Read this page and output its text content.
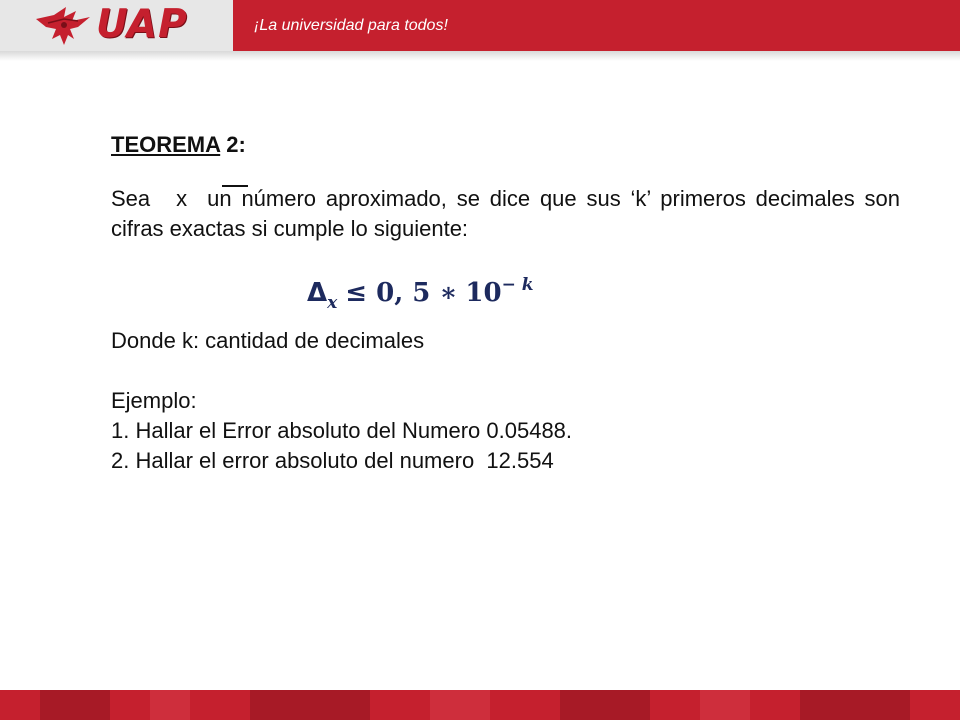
UAP	¡La universidad para todos!
TEOREMA 2:
Sea x un número aproximado, se dice que sus ‘k’ primeros decimales son cifras exactas si cumple lo siguiente:
$\Delta_x \le 0$, 5 ∗ $10^{- k}$
Donde k: cantidad de decimales
Ejemplo:
1. Hallar el Error absoluto del Numero 0.05488.
2. Hallar el error absoluto del numero  12.554
